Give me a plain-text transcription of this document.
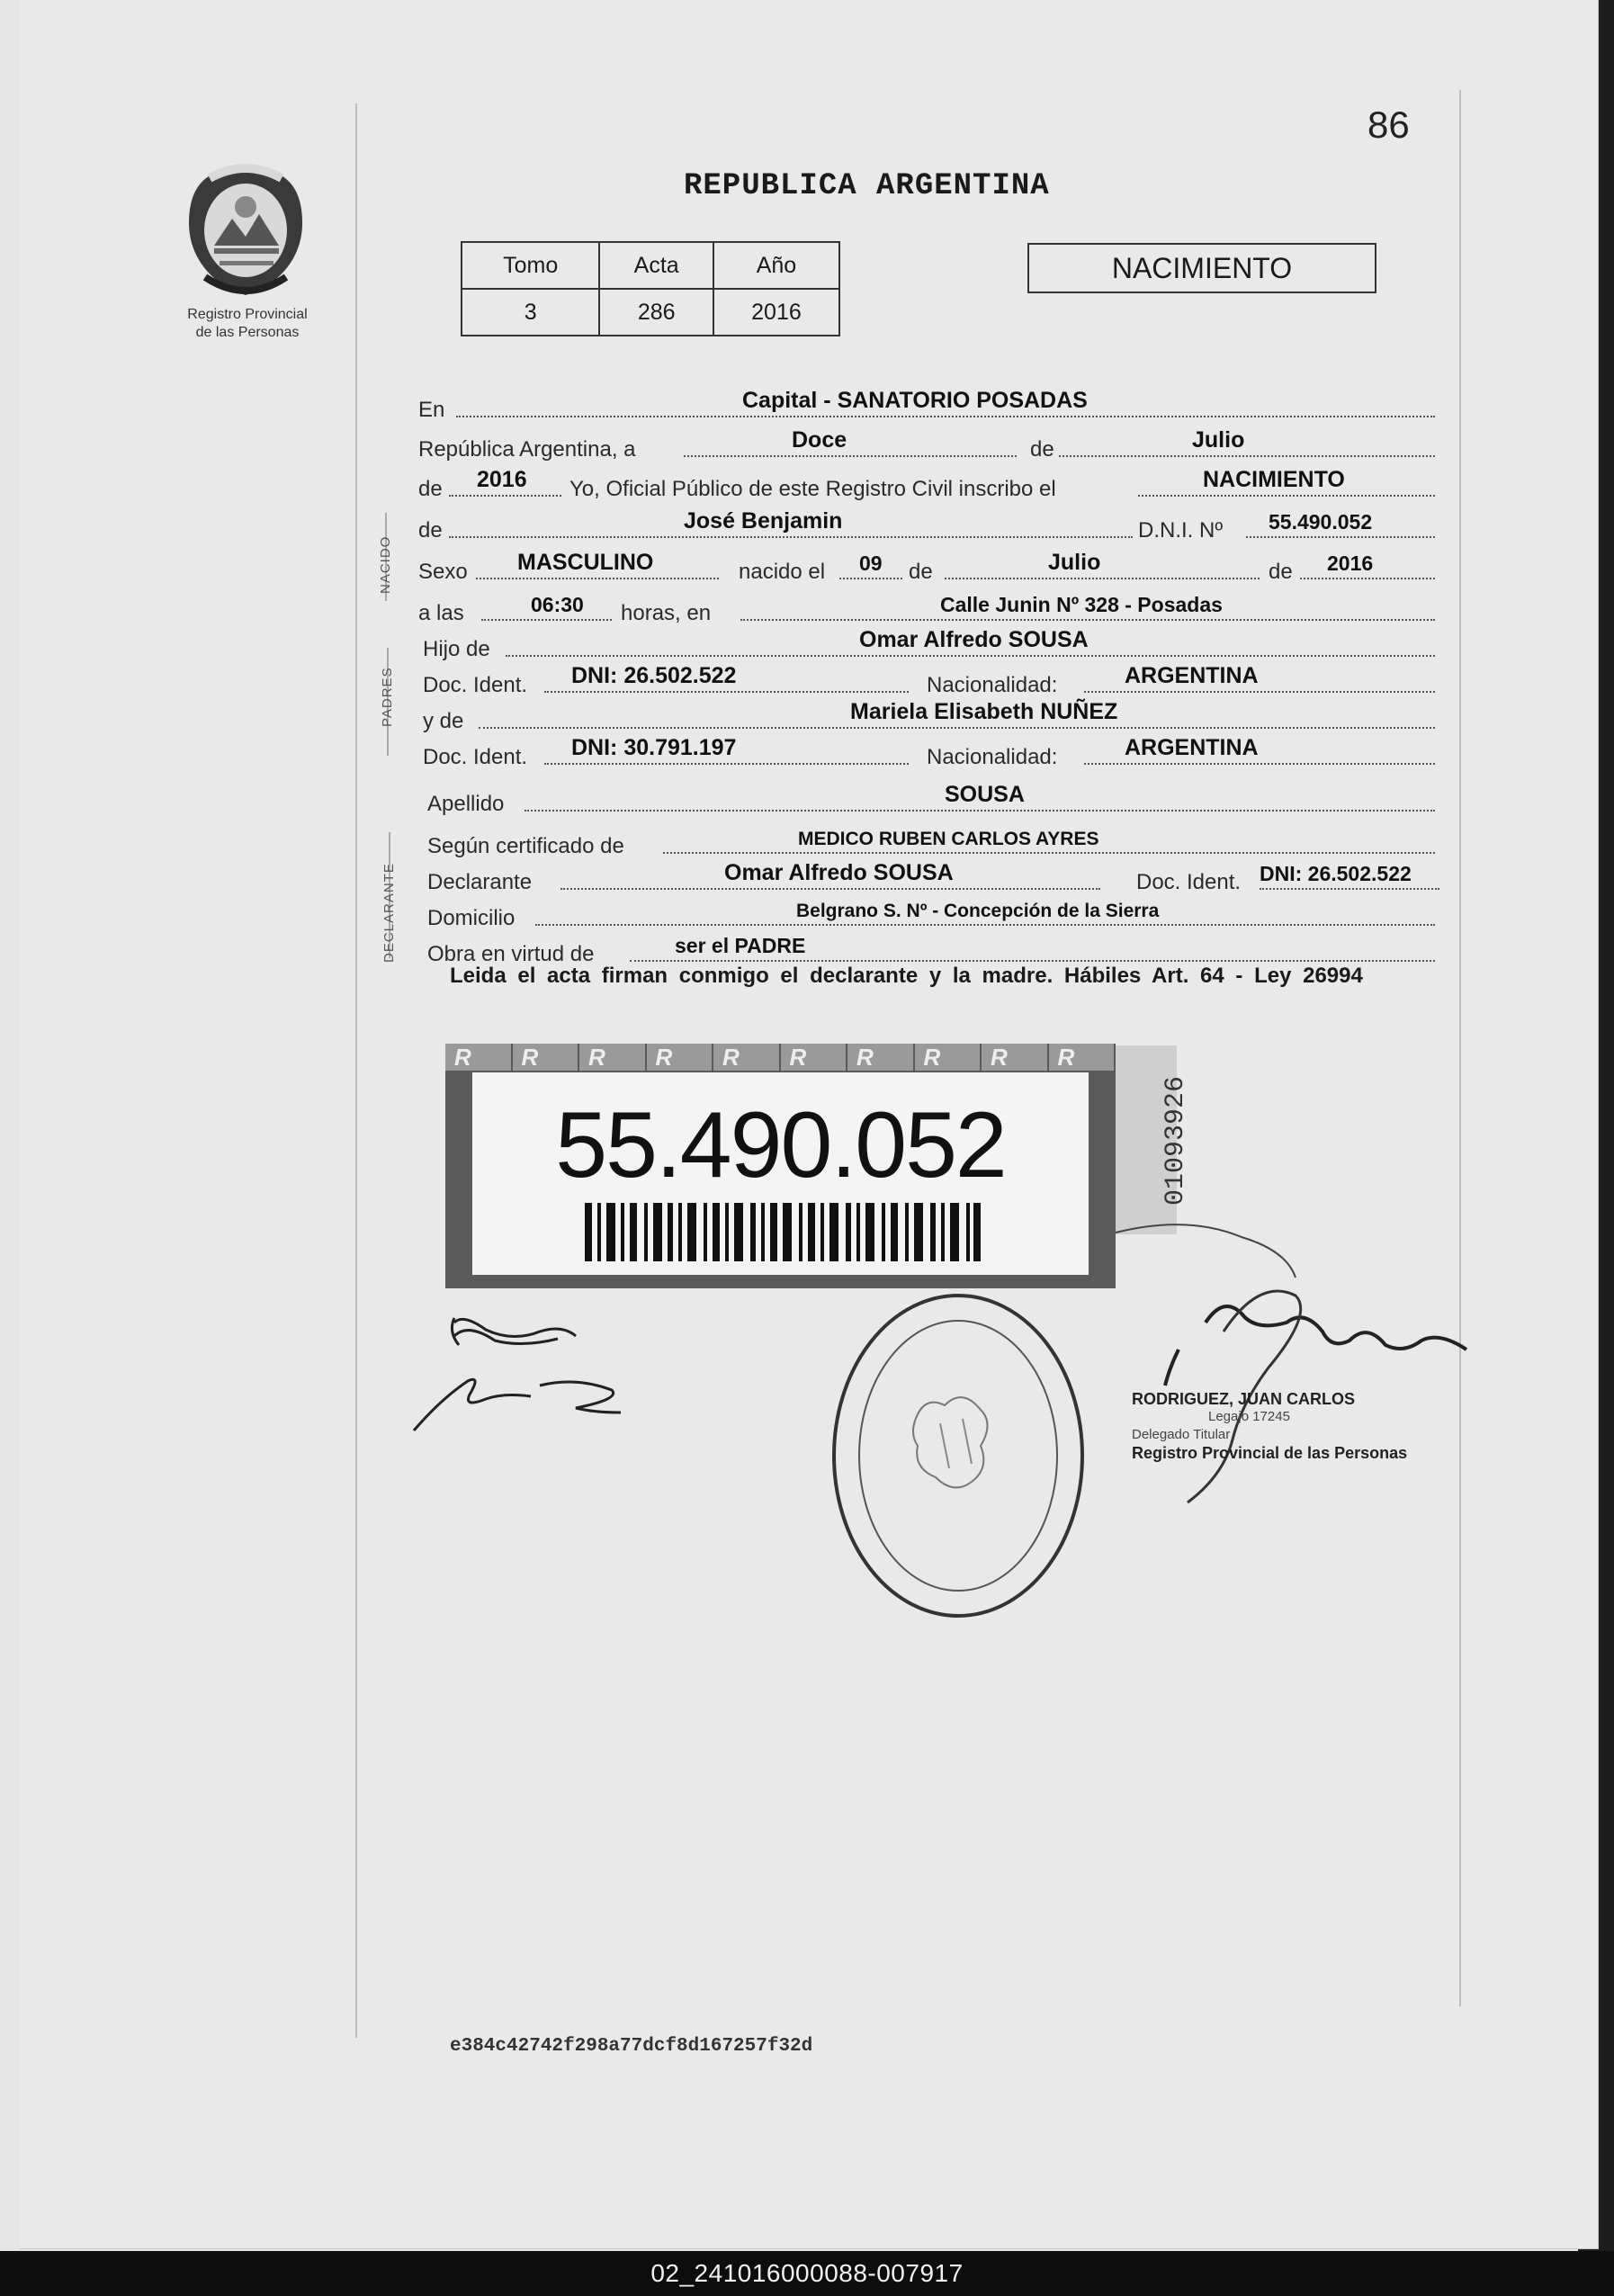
Registro Provincial
de las Personas
86
REPUBLICA ARGENTINA
Tomo	Acta	Año
3	286	2016
NACIMIENTO
En	Capital - SANATORIO POSADAS
República Argentina, a	Doce	de	Julio
de 2016 Yo, Oficial Público de este Registro Civil inscribo el	NACIMIENTO
NACIDO
de	José Benjamin	D.N.I. Nº 55.490.052
Sexo MASCULINO	nacido el 09 de	Julio	de 2016
a las	06:30 horas, en	Calle Junin Nº 328 - Posadas
PADRES
Hijo de	Omar Alfredo SOUSA
Doc. Ident. DNI: 26.502.522	Nacionalidad:	ARGENTINA
y de	Mariela Elisabeth NUÑEZ
Doc. Ident. DNI: 30.791.197	Nacionalidad:	ARGENTINA
Apellido	SOUSA
DECLARANTE
Según certificado de	MEDICO RUBEN CARLOS AYRES
Declarante	Omar Alfredo SOUSA	Doc. Ident. DNI: 26.502.522
Domicilio	Belgrano S. Nº - Concepción de la Sierra
Obra en virtud de	ser el PADRE
Leida el acta firman conmigo el declarante y la madre. Hábiles Art. 64 - Ley 26994
R	R	R	R	R	R	R	R	R	R
55.490.052	01093926
RODRIGUEZ, JUAN CARLOS
Legajo 17245
Delegado Titular
Registro Provincial de las Personas
e384c42742f298a77dcf8d167257f32d
02_241016000088-007917
